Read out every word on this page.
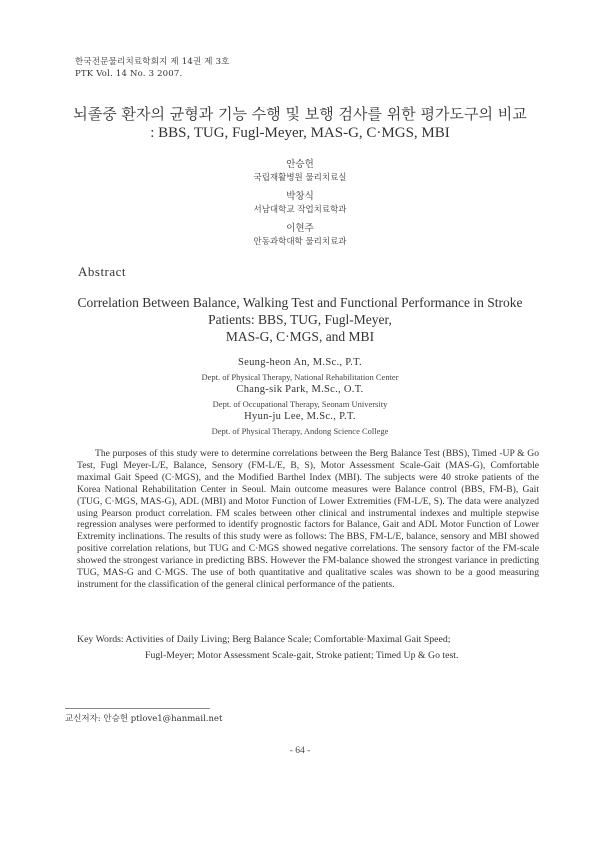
한국전문물리치료학회지 제 14권 제 3호
PTK Vol. 14 No. 3 2007.
뇌졸중 환자의 균형과 기능 수행 및 보행 검사를 위한 평가도구의 비교
: BBS, TUG, Fugl-Meyer, MAS-G, C·MGS, MBI
안승헌
국립재활병원 물리치료실
박창식
서남대학교 작업치료학과
이현주
안동과학대학 물리치료과
Abstract
Correlation Between Balance, Walking Test and Functional Performance in Stroke
Patients: BBS, TUG, Fugl-Meyer,
MAS-G, C·MGS, and MBI
Seung-heon An, M.Sc., P.T.
Dept. of Physical Therapy, National Rehabilitation Center
Chang-sik Park, M.Sc., O.T.
Dept. of Occupational Therapy, Seonam University
Hyun-ju Lee, M.Sc., P.T.
Dept. of Physical Therapy, Andong Science College

The purposes of this study were to determine correlations between the Berg Balance Test (BBS), Timed -UP & Go Test, Fugl Meyer-L/E, Balance, Sensory (FM-L/E, B, S), Motor Assessment Scale-Gait (MAS-G), Comfortable maximal Gait Speed (C·MGS), and the Modified Barthel Index (MBI). The subjects were 40 stroke patients of the Korea National Rehabilitation Center in Seoul. Main outcome measures were Balance control (BBS, FM-B), Gait (TUG, C·MGS, MAS-G), ADL (MBI) and Motor Function of Lower Extremities (FM-L/E, S). The data were analyzed using Pearson product correlation. FM scales between other clinical and instrumental indexes and multiple stepwise regression analyses were performed to identify prognostic factors for Balance, Gait and ADL Motor Function of Lower Extremity inclinations. The results of this study were as follows: The BBS, FM-L/E, balance, sensory and MBI showed positive correlation relations, but TUG and C·MGS showed negative correlations. The sensory factor of the FM-scale showed the strongest variance in predicting BBS. However the FM-balance showed the strongest variance in predicting TUG, MAS-G and C·MGS. The use of both quantitative and qualitative scales was shown to be a good measuring instrument for the classification of the general clinical performance of the patients.

Key Words: Activities of Daily Living; Berg Balance Scale; Comfortable·Maximal Gait Speed;
Fugl-Meyer; Motor Assessment Scale-gait, Stroke patient; Timed Up & Go test.
교신저자: 안승헌 ptlove1@hanmail.net
- 64 -
